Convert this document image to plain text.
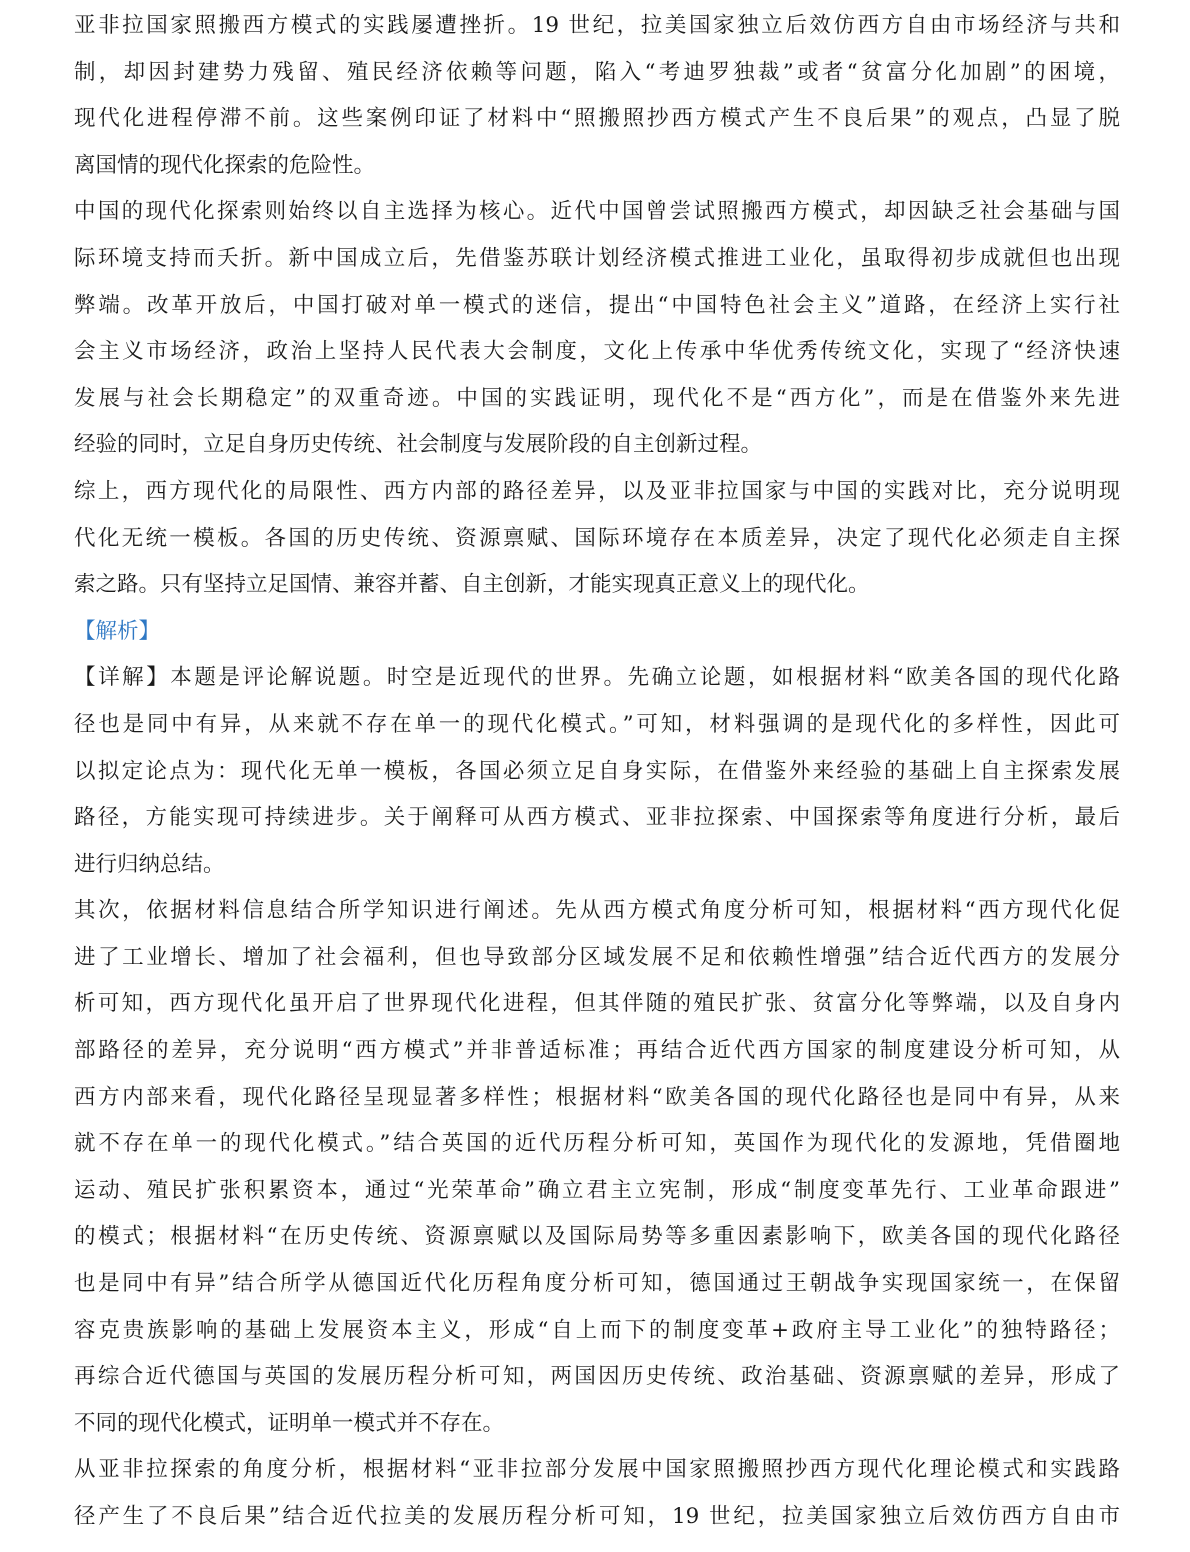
亚非拉国家照搬西方模式的实践屡遭挫折。19 世纪，拉美国家独立后效仿西方自由市场经济与共和
制，却因封建势力残留、殖民经济依赖等问题，陷入“考迪罗独裁”或者“贫富分化加剧”的困境，
现代化进程停滞不前。这些案例印证了材料中“照搬照抄西方模式产生不良后果”的观点，凸显了脱
离国情的现代化探索的危险性。
中国的现代化探索则始终以自主选择为核心。近代中国曾尝试照搬西方模式，却因缺乏社会基础与国
际环境支持而夭折。新中国成立后，先借鉴苏联计划经济模式推进工业化，虽取得初步成就但也出现
弊端。改革开放后，中国打破对单一模式的迷信，提出“中国特色社会主义”道路，在经济上实行社
会主义市场经济，政治上坚持人民代表大会制度，文化上传承中华优秀传统文化，实现了“经济快速
发展与社会长期稳定”的双重奇迹。中国的实践证明，现代化不是“西方化”，而是在借鉴外来先进
经验的同时，立足自身历史传统、社会制度与发展阶段的自主创新过程。
综上，西方现代化的局限性、西方内部的路径差异，以及亚非拉国家与中国的实践对比，充分说明现
代化无统一模板。各国的历史传统、资源禀赋、国际环境存在本质差异，决定了现代化必须走自主探
索之路。只有坚持立足国情、兼容并蓄、自主创新，才能实现真正意义上的现代化。
【解析】
【详解】本题是评论解说题。时空是近现代的世界。先确立论题，如根据材料“欧美各国的现代化路
径也是同中有异，从来就不存在单一的现代化模式。”可知，材料强调的是现代化的多样性，因此可
以拟定论点为：现代化无单一模板，各国必须立足自身实际，在借鉴外来经验的基础上自主探索发展
路径，方能实现可持续进步。关于阐释可从西方模式、亚非拉探索、中国探索等角度进行分析，最后
进行归纳总结。
其次，依据材料信息结合所学知识进行阐述。先从西方模式角度分析可知，根据材料“西方现代化促
进了工业增长、增加了社会福利，但也导致部分区域发展不足和依赖性增强”结合近代西方的发展分
析可知，西方现代化虽开启了世界现代化进程，但其伴随的殖民扩张、贫富分化等弊端，以及自身内
部路径的差异，充分说明“西方模式”并非普适标准；再结合近代西方国家的制度建设分析可知，从
西方内部来看，现代化路径呈现显著多样性；根据材料“欧美各国的现代化路径也是同中有异，从来
就不存在单一的现代化模式。”结合英国的近代历程分析可知，英国作为现代化的发源地，凭借圈地
运动、殖民扩张积累资本，通过“光荣革命”确立君主立宪制，形成“制度变革先行、工业革命跟进”
的模式；根据材料“在历史传统、资源禀赋以及国际局势等多重因素影响下，欧美各国的现代化路径
也是同中有异”结合所学从德国近代化历程角度分析可知，德国通过王朝战争实现国家统一，在保留
容克贵族影响的基础上发展资本主义，形成“自上而下的制度变革+政府主导工业化”的独特路径；
再综合近代德国与英国的发展历程分析可知，两国因历史传统、政治基础、资源禀赋的差异，形成了
不同的现代化模式，证明单一模式并不存在。
从亚非拉探索的角度分析，根据材料“亚非拉部分发展中国家照搬照抄西方现代化理论模式和实践路
径产生了不良后果”结合近代拉美的发展历程分析可知，19 世纪，拉美国家独立后效仿西方自由市
